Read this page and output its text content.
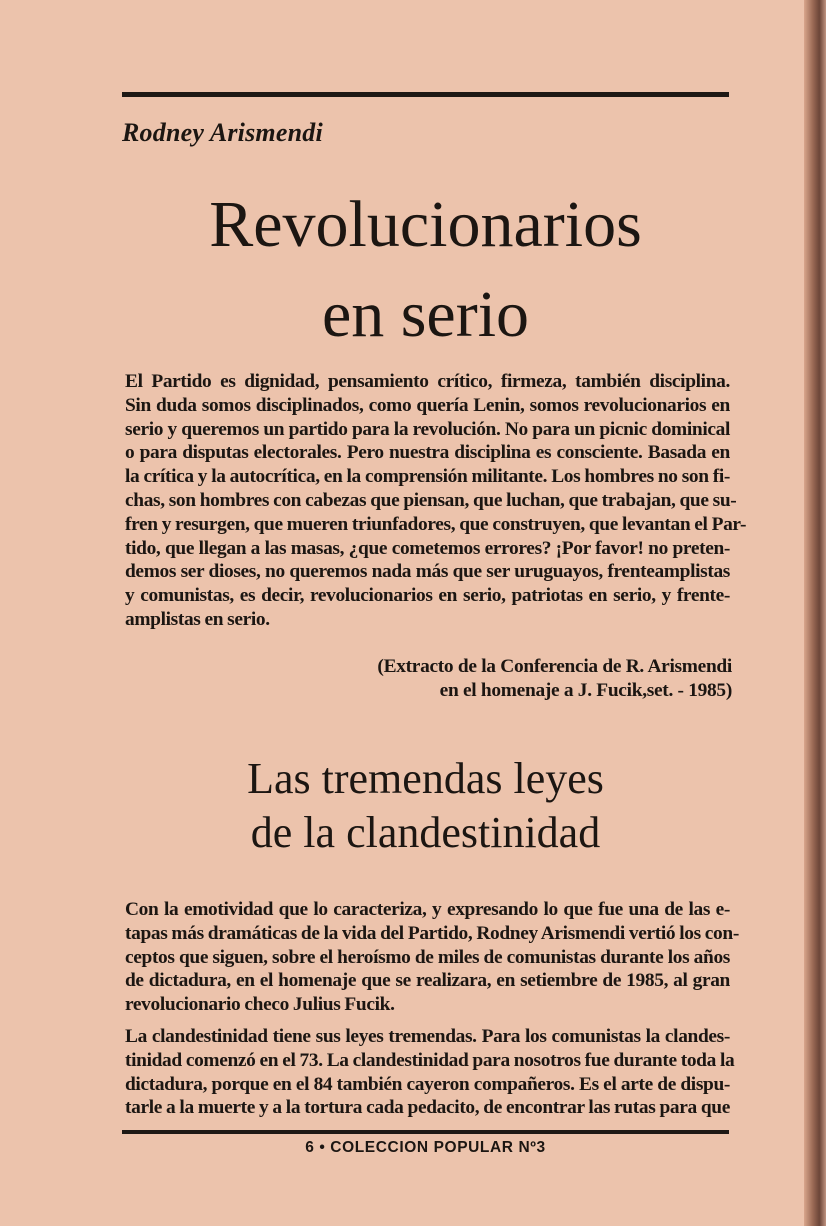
Rodney Arismendi
Revolucionarios
en serio
El Partido es dignidad, pensamiento crítico, firmeza, también disciplina.
Sin duda somos disciplinados, como quería Lenin, somos revolucionarios en
serio y queremos un partido para la revolución. No para un picnic dominical
o para disputas electorales. Pero nuestra disciplina es consciente. Basada en
la crítica y la autocrítica, en la comprensión militante. Los hombres no son fi-
chas, son hombres con cabezas que piensan, que luchan, que trabajan, que su-
fren y resurgen, que mueren triunfadores, que construyen, que levantan el Par-
tido, que llegan a las masas, ¿que cometemos errores? ¡Por favor! no preten-
demos ser dioses, no queremos nada más que ser uruguayos, frenteamplistas
y comunistas, es decir, revolucionarios en serio, patriotas en serio, y frente-
amplistas en serio.
(Extracto de la Conferencia de R. Arismendi
en el homenaje a J. Fucik,set. - 1985)
Las tremendas leyes
de la clandestinidad
Con la emotividad que lo caracteriza, y expresando lo que fue una de las e-
tapas más dramáticas de la vida del Partido, Rodney Arismendi vertió los con-
ceptos que siguen, sobre el heroísmo de miles de comunistas durante los años
de dictadura, en el homenaje que se realizara, en setiembre de 1985, al gran
revolucionario checo Julius Fucik.
La clandestinidad tiene sus leyes tremendas. Para los comunistas la clandes-
tinidad comenzó en el 73. La clandestinidad para nosotros fue durante toda la
dictadura, porque en el 84 también cayeron compañeros. Es el arte de dispu-
tarle a la muerte y a la tortura cada pedacito, de encontrar las rutas para que
6 • COLECCION POPULAR Nº3
